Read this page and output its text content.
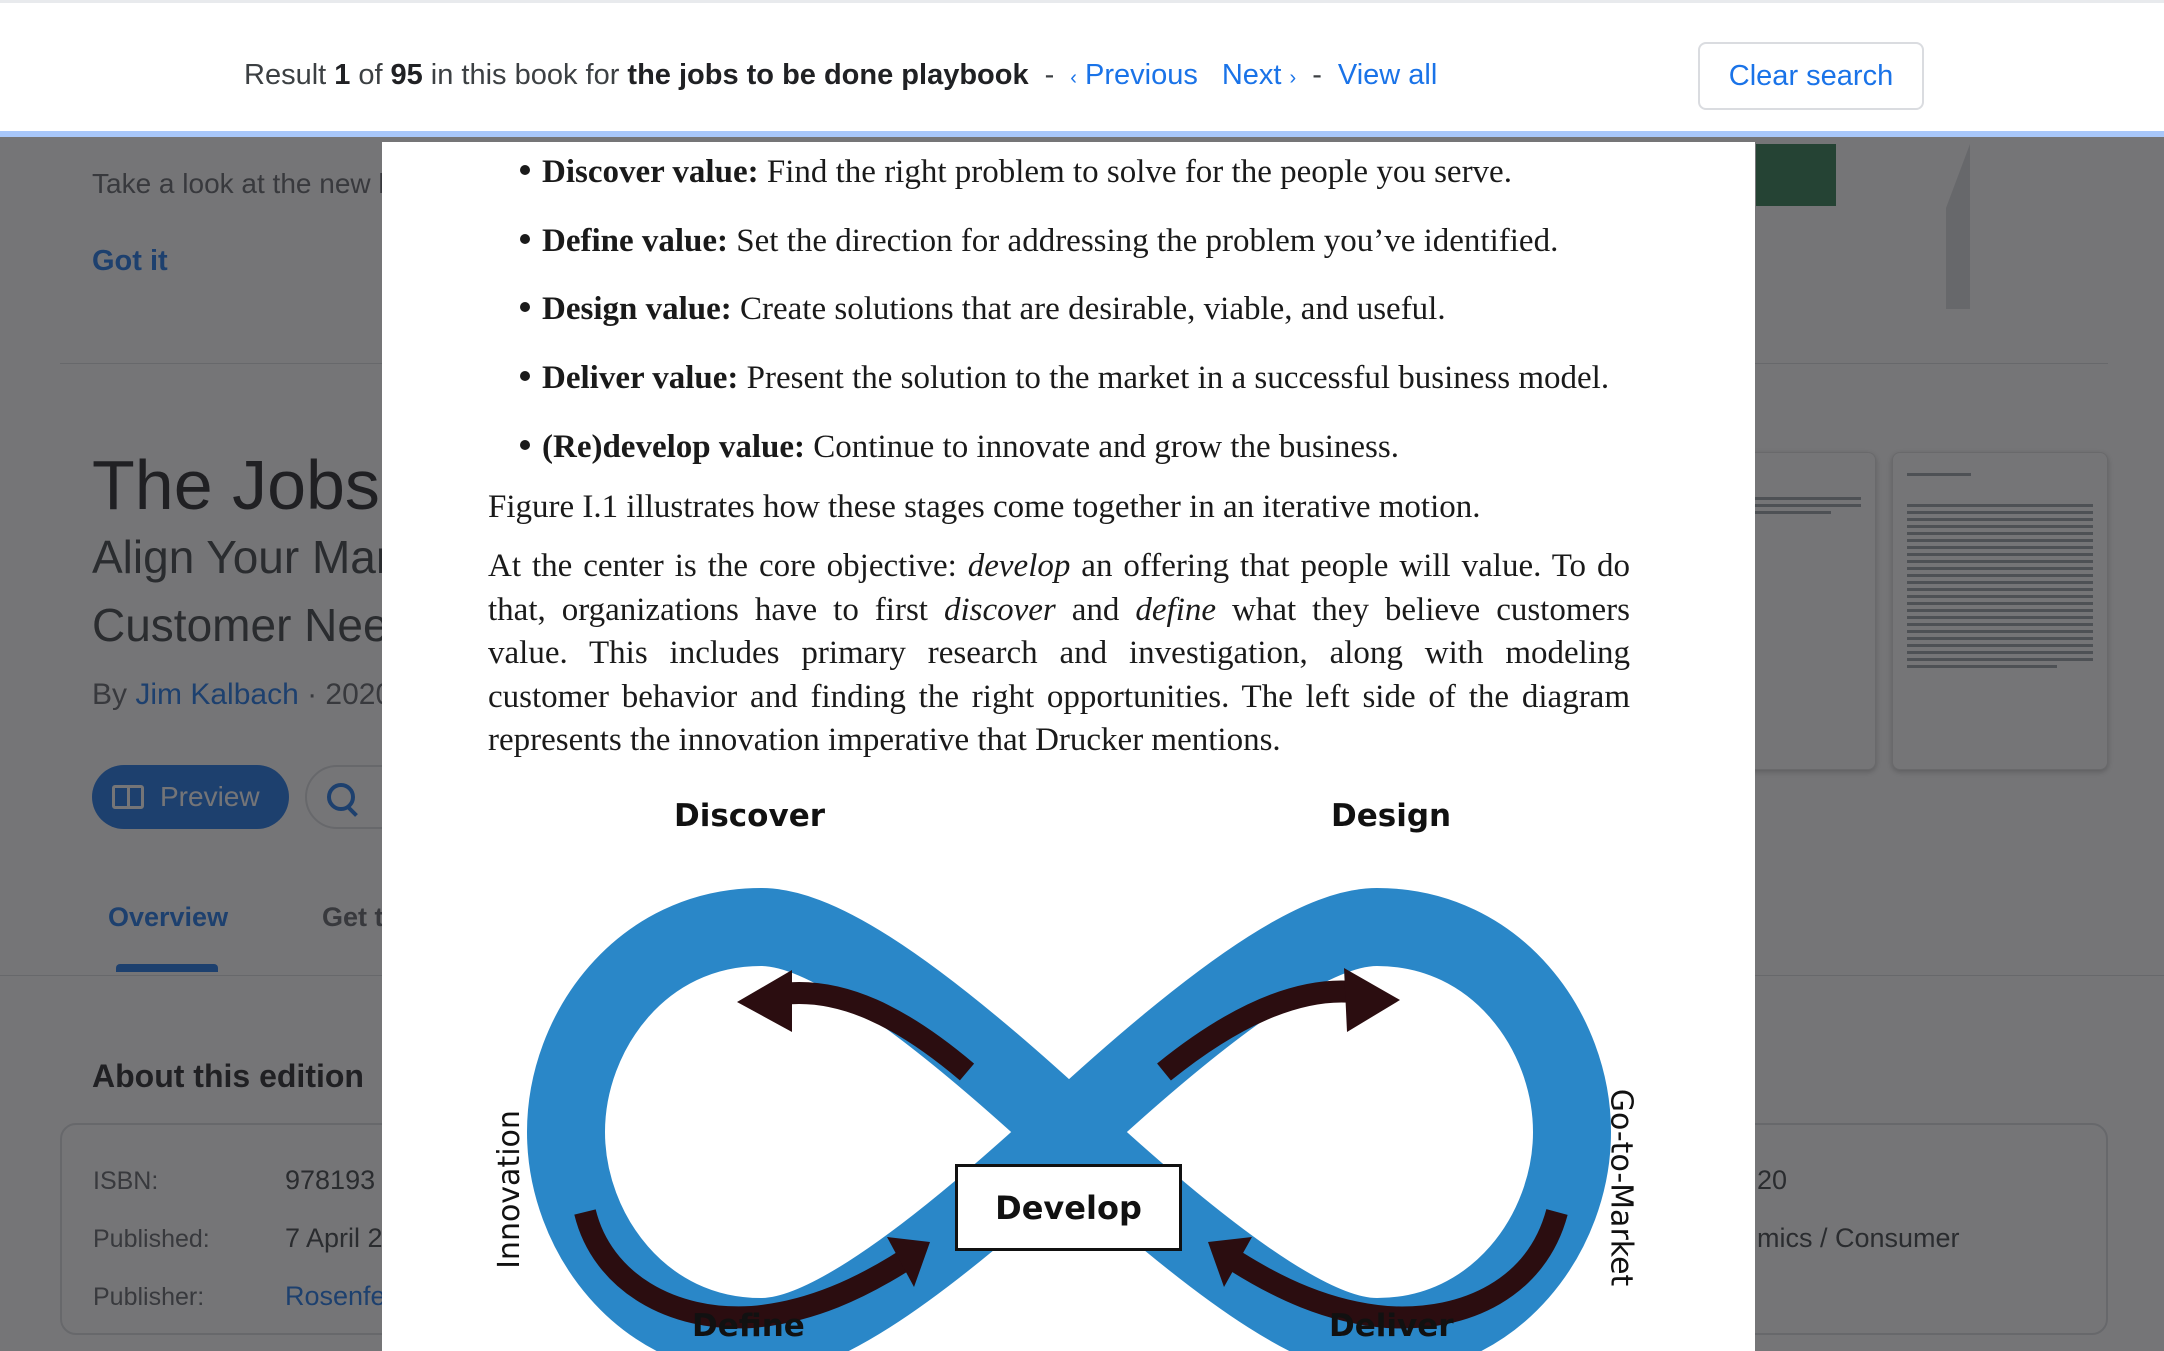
Result 1 of 95 in this book for the jobs to be done playbook - ‹ Previous Next › - View all	Clear search
Discover value: Find the right problem to solve for the people you serve.
Define value: Set the direction for addressing the problem you’ve identified.
Design value: Create solutions that are desirable, viable, and useful.
Deliver value: Present the solution to the market in a successful business model.
(Re)develop value: Continue to innovate and grow the business.
Figure I.1 illustrates how these stages come together in an iterative motion.
At the center is the core objective: develop an offering that people will value. To do that, organizations have to first discover and define what they believe customers value. This includes primary research and investigation, along with modeling customer behavior and finding the right opportunities. The left side of the diagram represents the innovation imperative that Drucker mentions.
Discover	Design
Define	Deliver
Innovation	Go-to-Market
Develop
